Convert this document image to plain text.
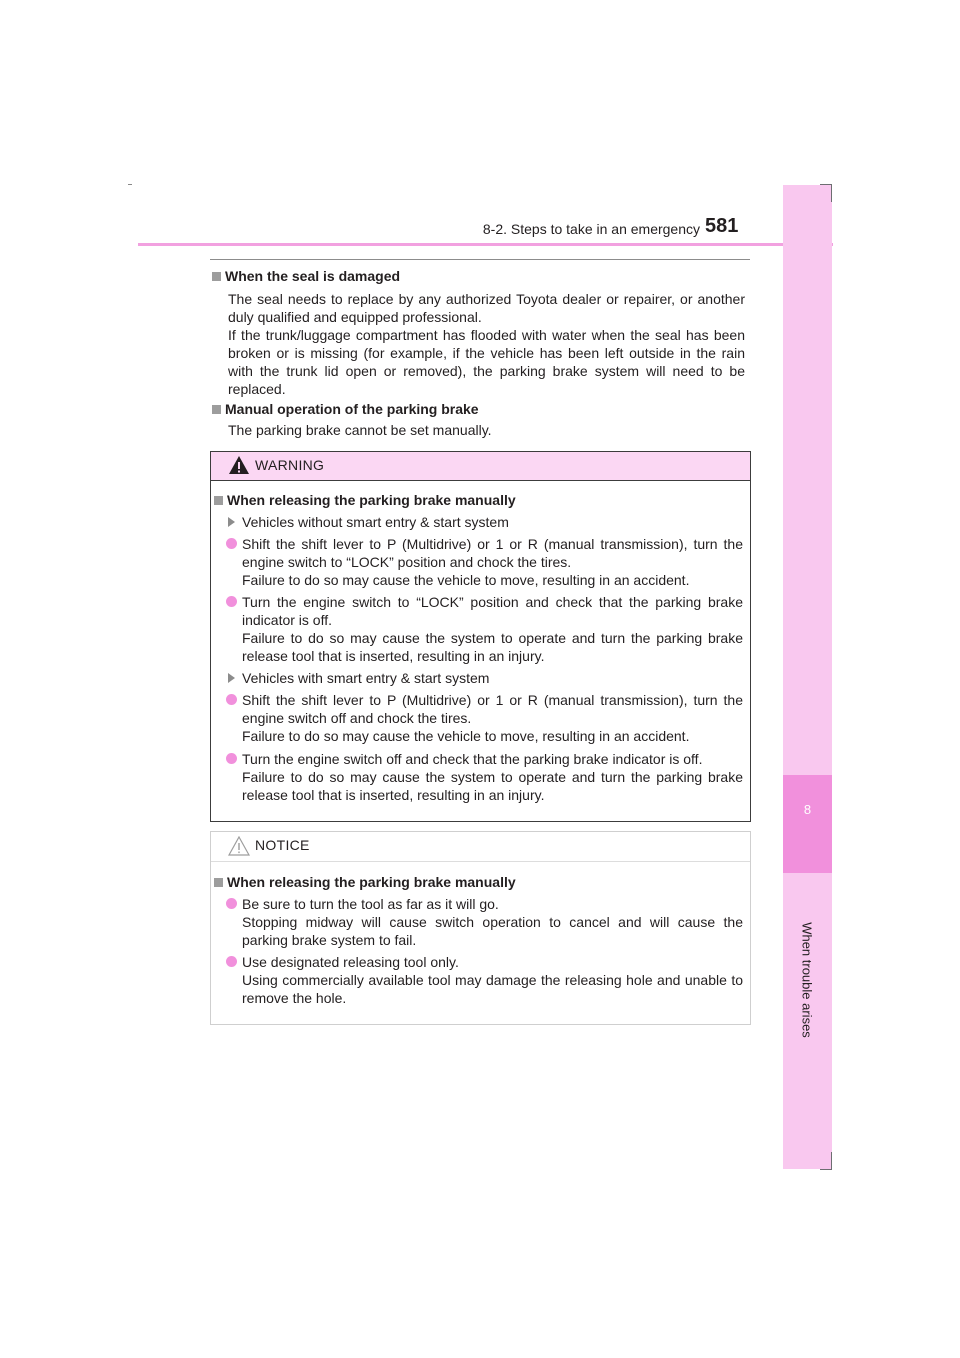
8-2. Steps to take in an emergency 581
8
When trouble arises
When the seal is damaged

The seal needs to replace by any authorized Toyota dealer or repairer, or another duly qualified and equipped professional.

If the trunk/luggage compartment has flooded with water when the seal has been broken or is missing (for example, if the vehicle has been left outside in the rain with the trunk lid open or removed), the parking brake system will need to be replaced.

Manual operation of the parking brake

The parking brake cannot be set manually.

WARNING
When releasing the parking brake manually
Vehicles without smart entry & start system

Shift the shift lever to P (Multidrive) or 1 or R (manual transmission), turn the engine switch to “LOCK” position and chock the tires.

Failure to do so may cause the vehicle to move, resulting in an accident.

Turn the engine switch to “LOCK” position and check that the parking brake indicator is off.

Failure to do so may cause the system to operate and turn the parking brake release tool that is inserted, resulting in an injury.

Vehicles with smart entry & start system

Shift the shift lever to P (Multidrive) or 1 or R (manual transmission), turn the engine switch off and chock the tires.

Failure to do so may cause the vehicle to move, resulting in an accident.

Turn the engine switch off and check that the parking brake indicator is off.

Failure to do so may cause the system to operate and turn the parking brake release tool that is inserted, resulting in an injury.

NOTICE
When releasing the parking brake manually

Be sure to turn the tool as far as it will go.

Stopping midway will cause switch operation to cancel and will cause the parking brake system to fail.

Use designated releasing tool only.

Using commercially available tool may damage the releasing hole and unable to remove the hole.
